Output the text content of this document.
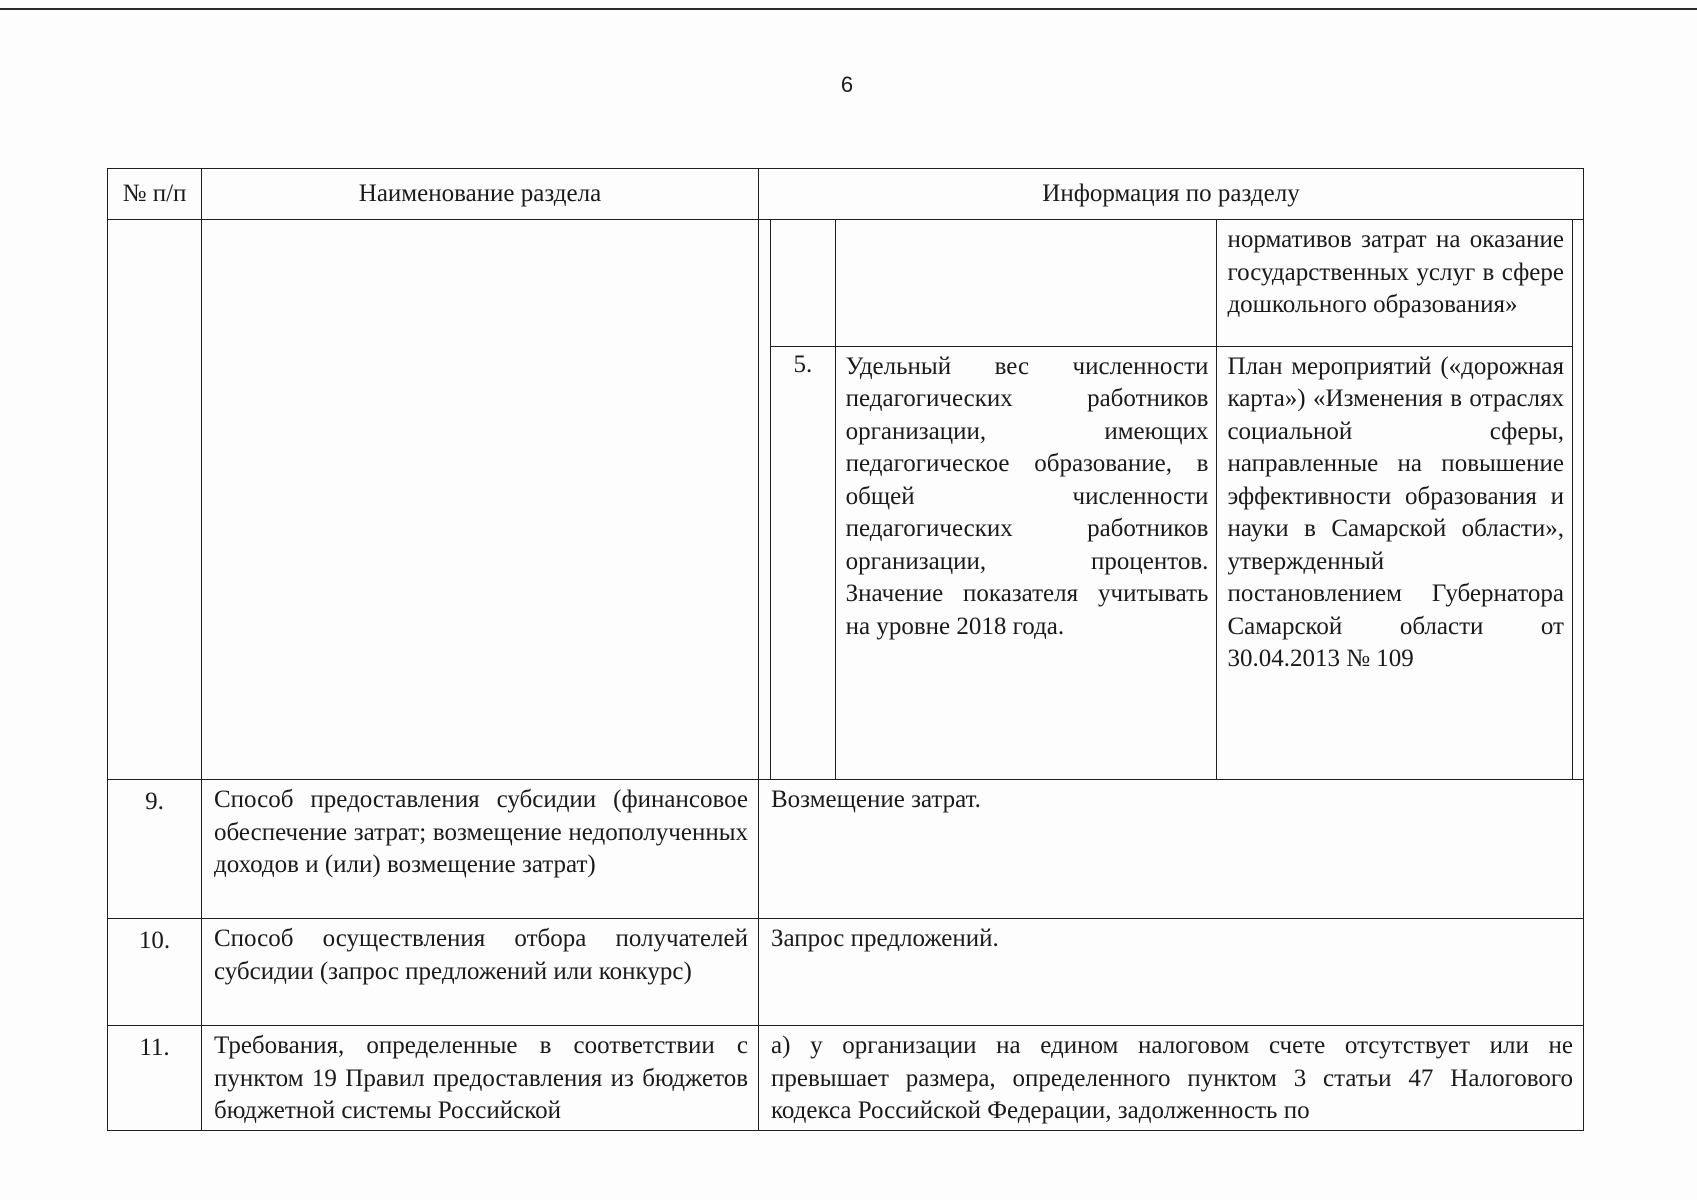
6
№ п/п	Наименование раздела	Информация по разделу

		нормативов затрат на оказание государственных услуг в сфере дошкольного образования»
5.	Удельный вес численности педагогических работников организации, имеющих педагогическое образование, в общей численности педагогических работников организации, процентов. Значение показателя учитывать на уровне 2018 года.	План мероприятий («дорожная карта») «Изменения в отраслях социальной сферы, направленные на повышение эффективности образования и науки в Самарской области», утвержденный постановлением Губернатора Самарской области от 30.04.2013 № 109

9.	Способ предоставления субсидии (финансовое обеспечение затрат; возмещение недополученных доходов и (или) возмещение затрат)	Возмещение затрат.
10.	Способ осуществления отбора получателей субсидии (запрос предложений или конкурс)	Запрос предложений.
11.	Требования, определенные в соответствии с пунктом 19 Правил предоставления из бюджетов бюджетной системы Российской	а) у организации на едином налоговом счете отсутствует или не превышает размера, определенного пунктом 3 статьи 47 Налогового кодекса Российской Федерации, задолженность по
